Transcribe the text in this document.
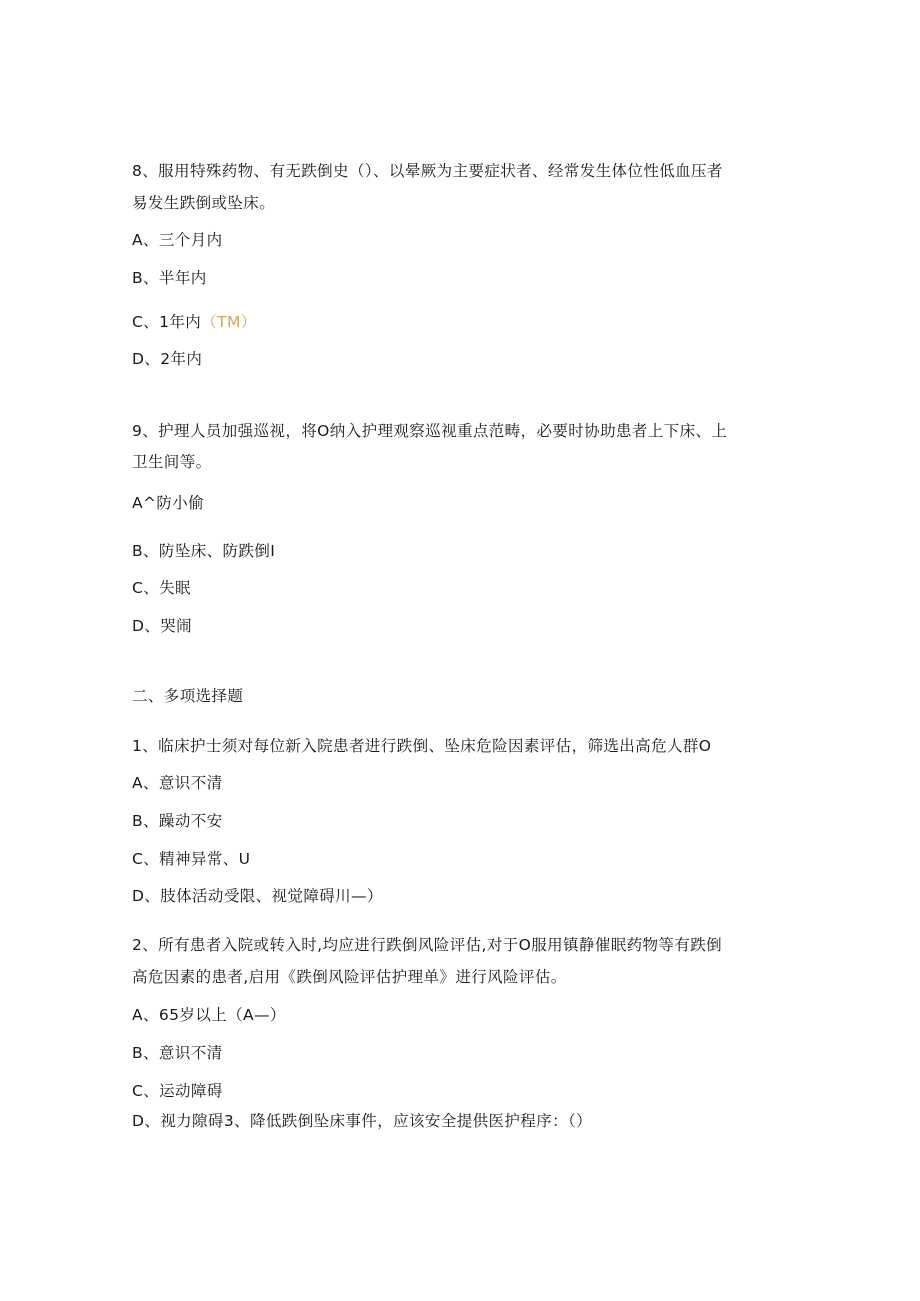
8、服用特殊药物、有无跌倒史（）、以晕厥为主要症状者、经常发生体位性低血压者
易发生跌倒或坠床。
A、三个月内
B、半年内
C、1年内（TM）
D、2年内
9、护理人员加强巡视，将O纳入护理观察巡视重点范畴，必要时协助患者上下床、上
卫生间等。
A^防小偷
B、防坠床、防跌倒I
C、失眠
D、哭闹
二、多项选择题
1、临床护士须对每位新入院患者进行跌倒、坠床危险因素评估，筛选出高危人群O
A、意识不清
B、躁动不安
C、精神异常、U
D、肢体活动受限、视觉障碍川—）
2、所有患者入院或转入时,均应进行跌倒风险评估,对于O服用镇静催眠药物等有跌倒
高危因素的患者,启用《跌倒风险评估护理单》进行风险评估。
A、65岁以上（A—）
B、意识不清
C、运动障碍
D、视力隙碍3、降低跌倒坠床事件，应该安全提供医护程序：（）
